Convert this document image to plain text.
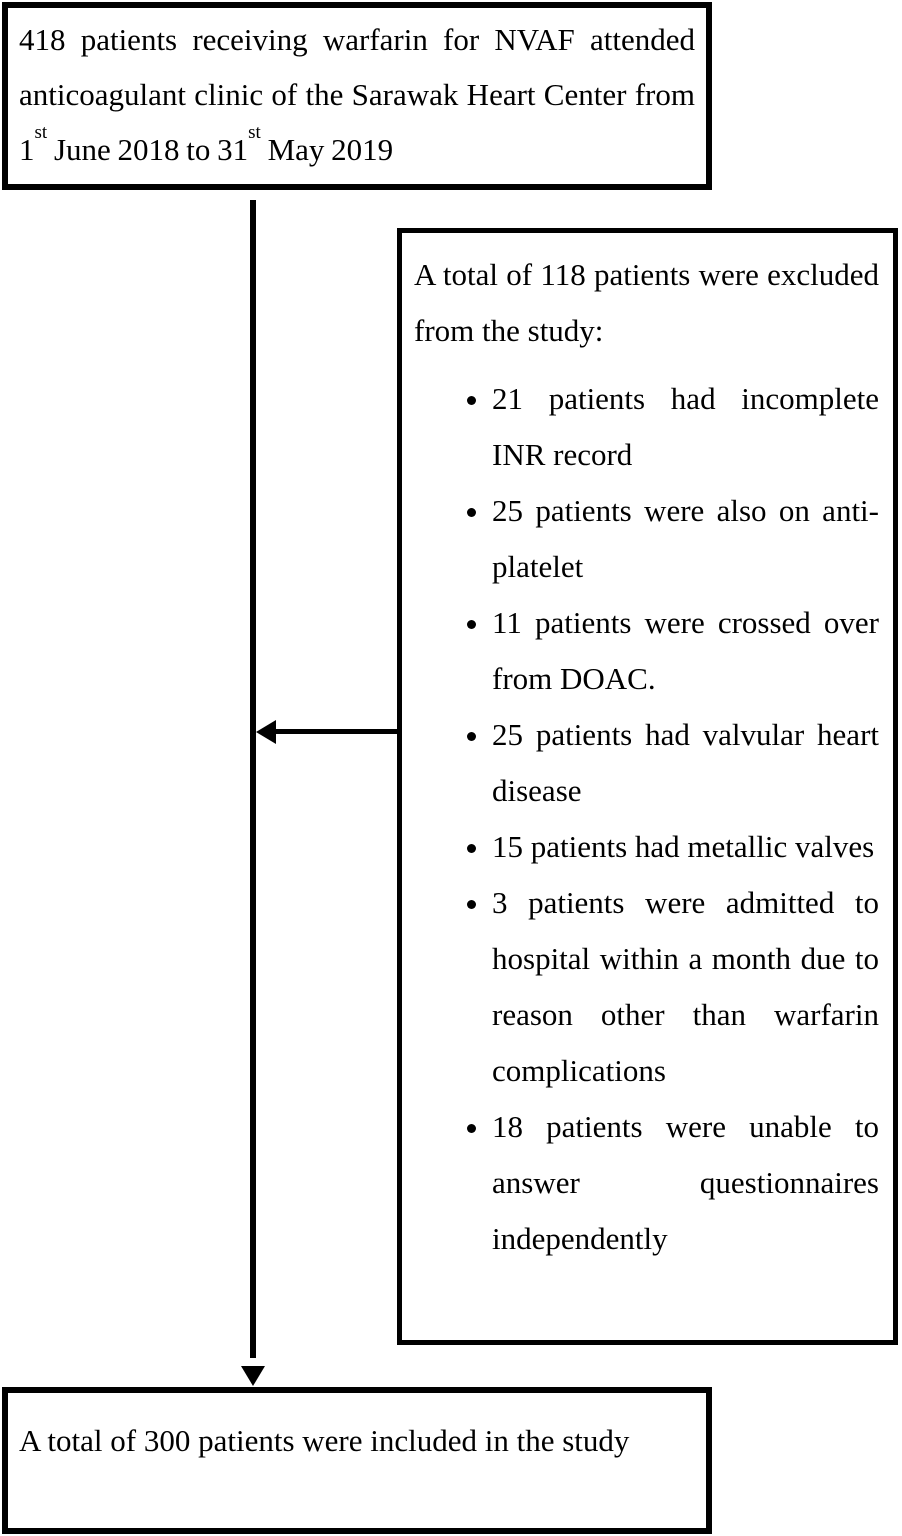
418 patients receiving warfarin for NVAF attended anticoagulant clinic of the Sarawak Heart Center from 1st June 2018 to 31st May 2019

A total of 118 patients were excluded from the study:

• 21 patients had incomplete INR record
• 25 patients were also on anti-platelet
• 11 patients were crossed over from DOAC.
• 25 patients had valvular heart disease
• 15 patients had metallic valves
• 3 patients were admitted to hospital within a month due to reason other than warfarin complications
• 18 patients were unable to answer questionnaires independently

A total of 300 patients were included in the study
